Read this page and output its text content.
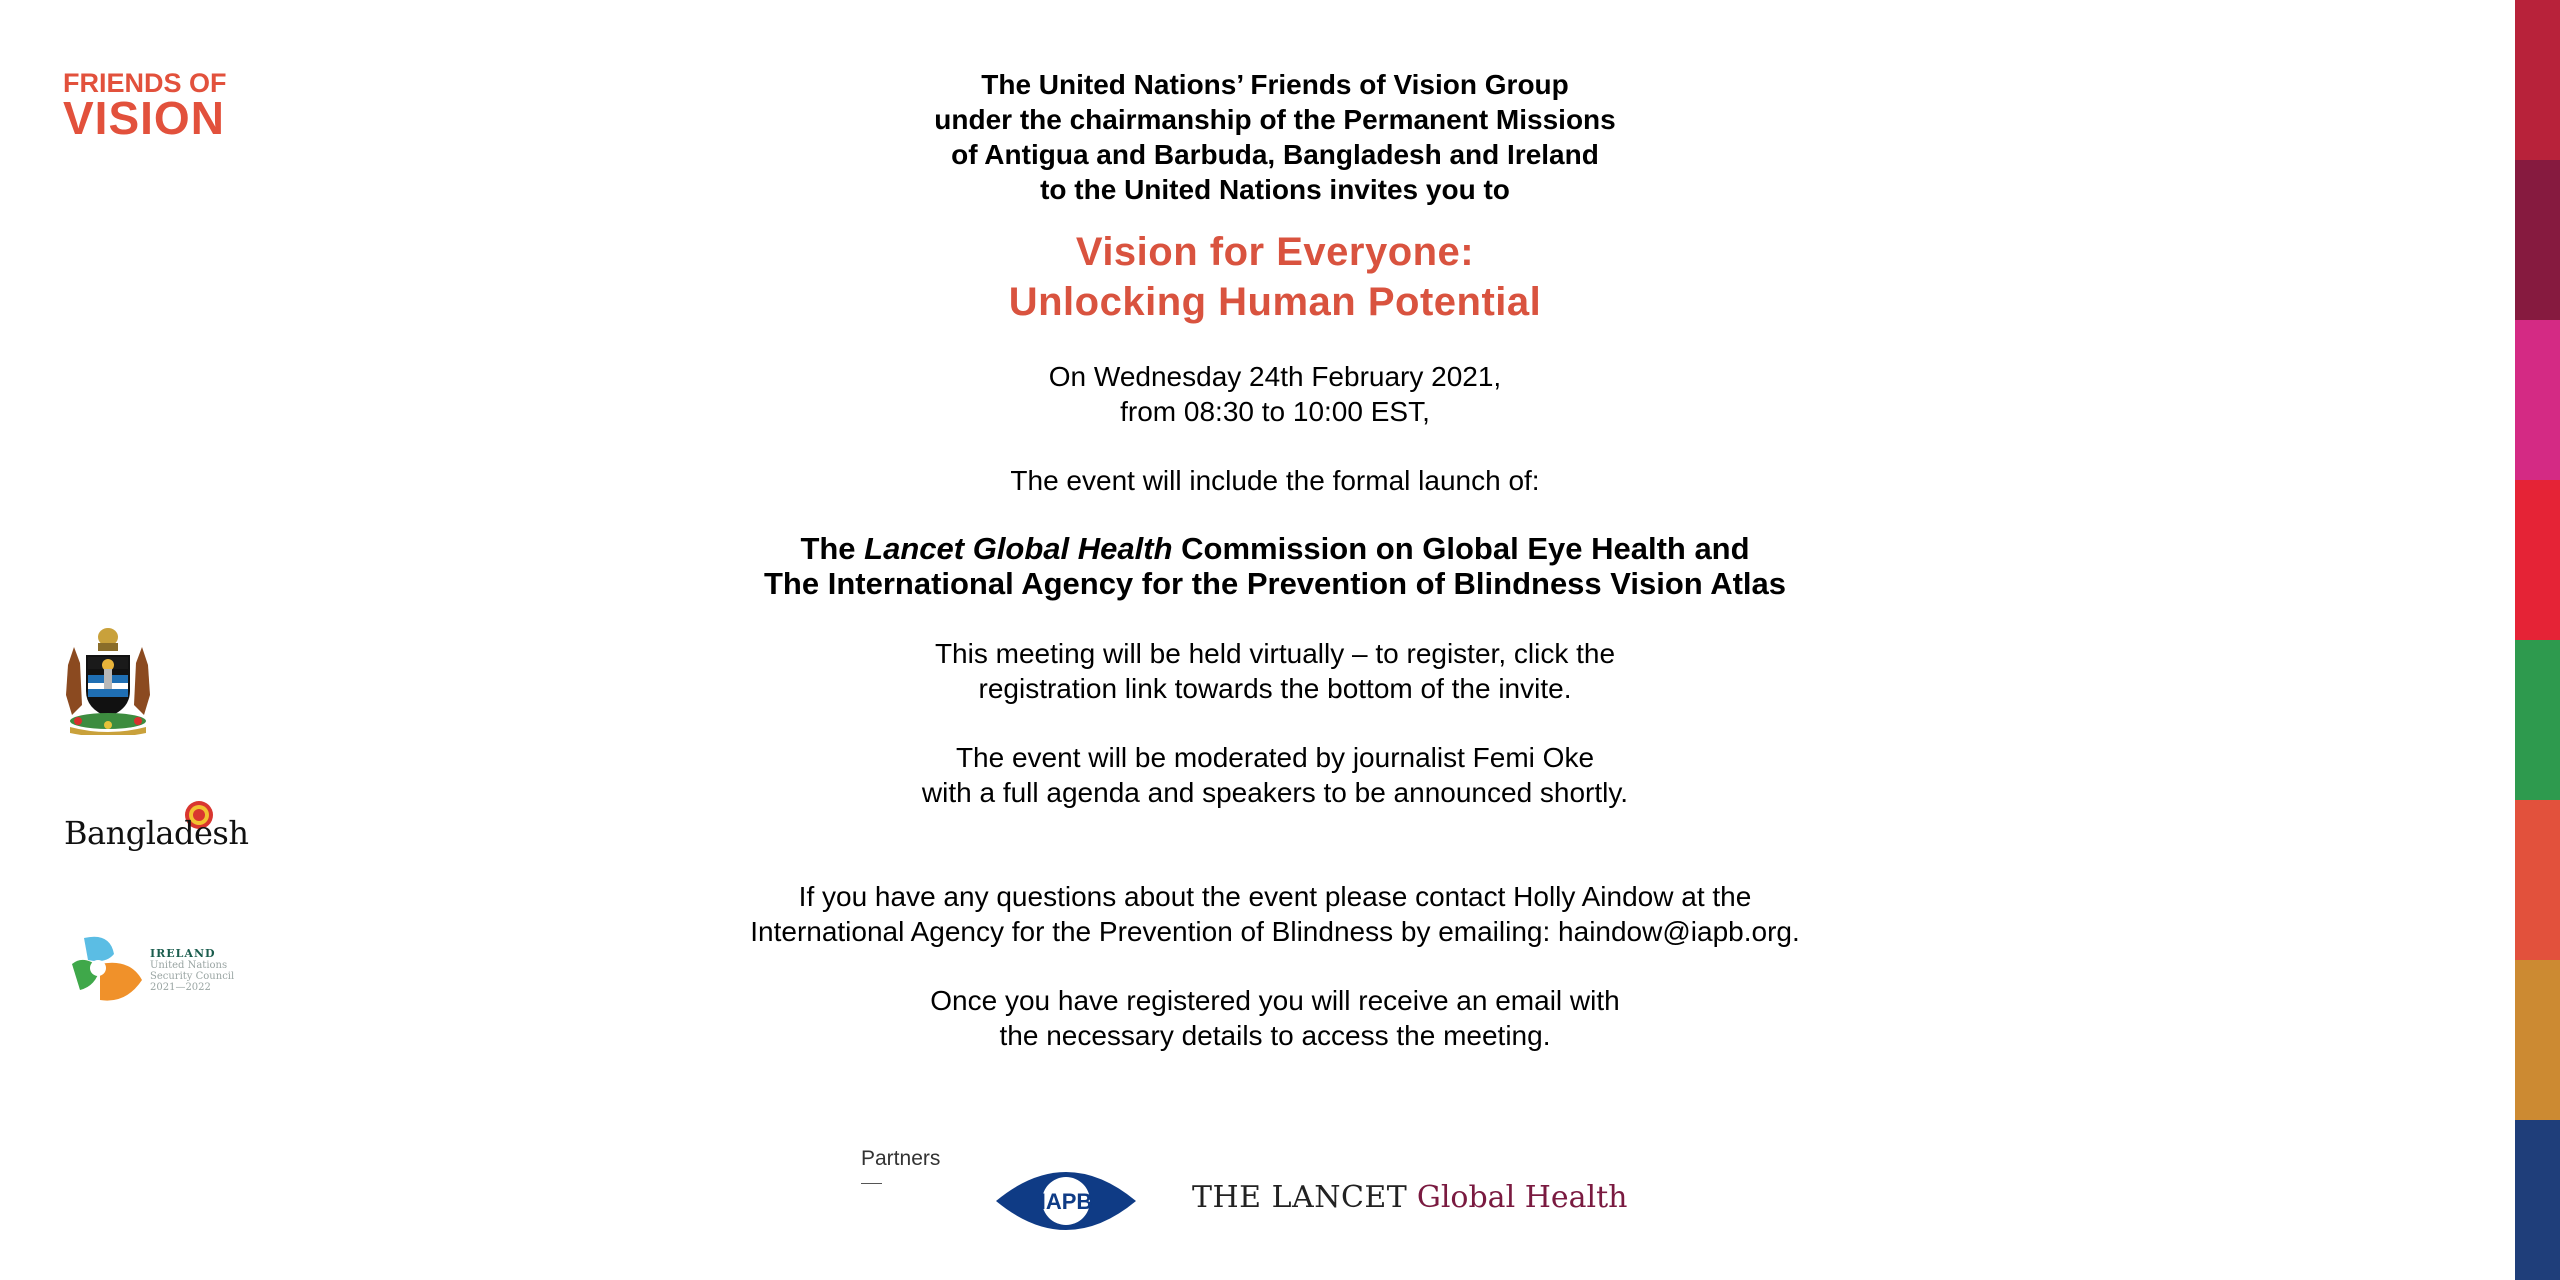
FRIENDS OF
VISION
Bangladesh
IRELAND
United Nations
Security Council
2021—2022
The United Nations’ Friends of Vision Group
under the chairmanship of the Permanent Missions
of Antigua and Barbuda, Bangladesh and Ireland
to the United Nations invites you to
Vision for Everyone:
Unlocking Human Potential
On Wednesday 24th February 2021,
from 08:30 to 10:00 EST,
The event will include the formal launch of:
The Lancet Global Health Commission on Global Eye Health and
The International Agency for the Prevention of Blindness Vision Atlas
This meeting will be held virtually – to register, click the
registration link towards the bottom of the invite.
The event will be moderated by journalist Femi Oke
with a full agenda and speakers to be announced shortly.
If you have any questions about the event please contact Holly Aindow at the
International Agency for the Prevention of Blindness by emailing: haindow@iapb.org.
Once you have registered you will receive an email with
the necessary details to access the meeting.
Partners
IAPB	THE LANCET Global Health
